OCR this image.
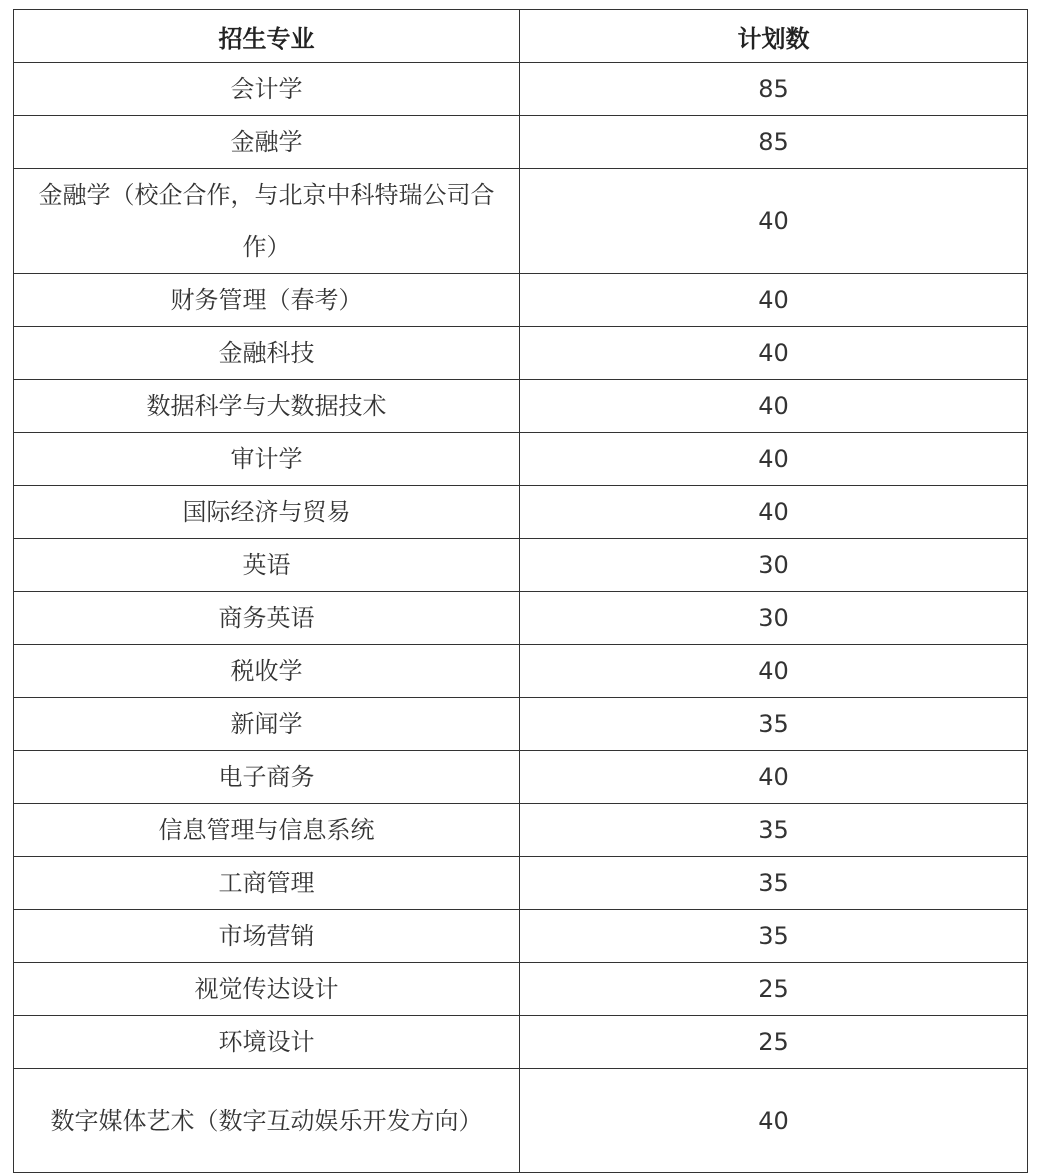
招生专业	计划数

会计学	85

金融学	85

金融学（校企合作，与北京中科特瑞公司合作）	40

财务管理（春考）	40

金融科技	40

数据科学与大数据技术	40

审计学	40

国际经济与贸易	40

英语	30

商务英语	30

税收学	40

新闻学	35

电子商务	40

信息管理与信息系统	35

工商管理	35

市场营销	35

视觉传达设计	25

环境设计	25

数字媒体艺术（数字互动娱乐开发方向）	40
